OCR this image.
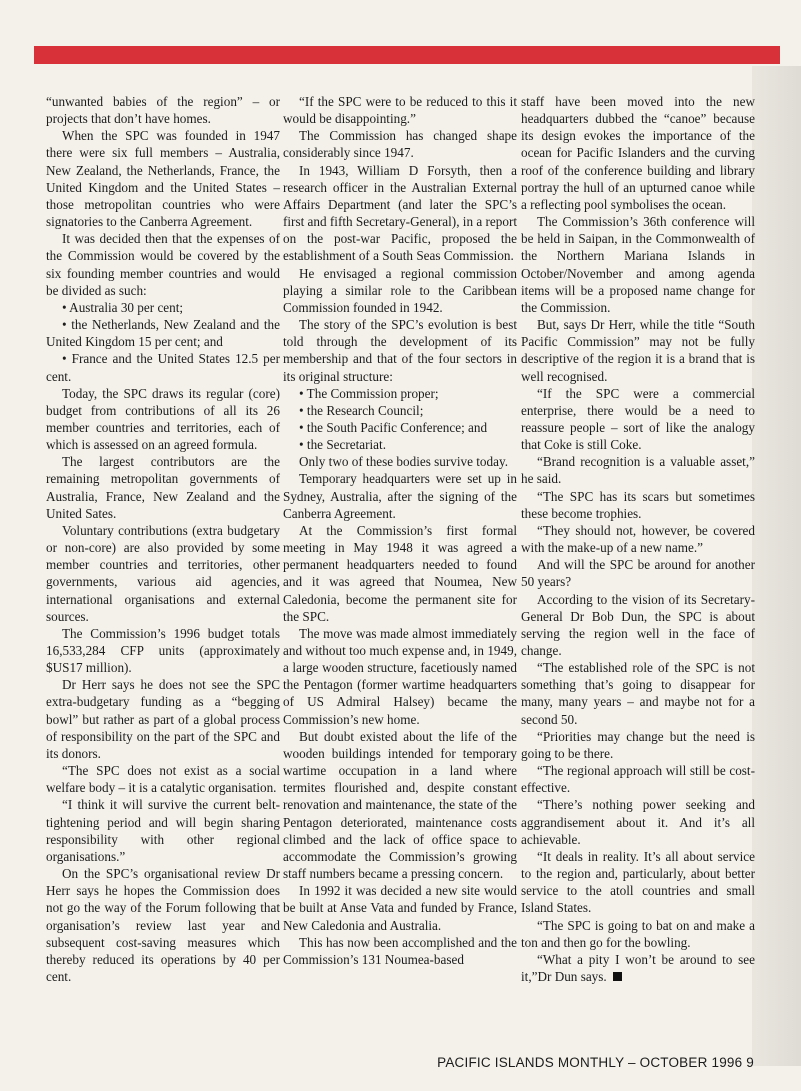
“unwanted babies of the region” – or projects that don’t have homes.

When the SPC was founded in 1947 there were six full members – Australia, New Zealand, the Netherlands, France, the United Kingdom and the United States – those metropolitan countries who were signatories to the Canberra Agreement.

It was decided then that the expenses of the Commission would be covered by the six founding member countries and would be divided as such:

• Australia 30 per cent;

• the Netherlands, New Zealand and the United Kingdom 15 per cent; and

• France and the United States 12.5 per cent.

Today, the SPC draws its regular (core) budget from contributions of all its 26 member countries and territories, each of which is assessed on an agreed formula.

The largest contributors are the remaining metropolitan governments of Australia, France, New Zealand and the United Sates.

Voluntary contributions (extra budgetary or non-core) are also provided by some member countries and territories, other governments, various aid agencies, international organisations and external sources.

The Commission’s 1996 budget totals 16,533,284 CFP units (approximately $US17 million).

Dr Herr says he does not see the SPC extra-budgetary funding as a “begging bowl” but rather as part of a global process of responsibility on the part of the SPC and its donors.

“The SPC does not exist as a social welfare body – it is a catalytic organisation.

“I think it will survive the current belt-tightening period and will begin sharing responsibility with other regional organisations.”

On the SPC’s organisational review Dr Herr says he hopes the Commission does not go the way of the Forum following that organisation’s review last year and subsequent cost-saving measures which thereby reduced its operations by 40 per cent.

“If the SPC were to be reduced to this it would be disappointing.”

The Commission has changed shape considerably since 1947.

In 1943, William D Forsyth, then a research officer in the Australian External Affairs Department (and later the SPC’s first and fifth Secretary-General), in a report on the post-war Pacific, proposed the establishment of a South Seas Commission.

He envisaged a regional commission playing a similar role to the Caribbean Commission founded in 1942.

The story of the SPC’s evolution is best told through the development of its membership and that of the four sectors in its original structure:

• The Commission proper;

• the Research Council;

• the South Pacific Conference; and

• the Secretariat.

Only two of these bodies survive today.

Temporary headquarters were set up in Sydney, Australia, after the signing of the Canberra Agreement.

At the Commission’s first formal meeting in May 1948 it was agreed a permanent headquarters needed to found and it was agreed that Noumea, New Caledonia, become the permanent site for the SPC.

The move was made almost immediately and without too much expense and, in 1949, a large wooden structure, facetiously named the Pentagon (former wartime headquarters of US Admiral Halsey) became the Commission’s new home.

But doubt existed about the life of the wooden buildings intended for temporary wartime occupation in a land where termites flourished and, despite constant renovation and maintenance, the state of the Pentagon deteriorated, maintenance costs climbed and the lack of office space to accommodate the Commission’s growing staff numbers became a pressing concern.

In 1992 it was decided a new site would be built at Anse Vata and funded by France, New Caledonia and Australia.

This has now been accomplished and the Commission’s 131 Noumea-based

staff have been moved into the new headquarters dubbed the “canoe” because its design evokes the importance of the ocean for Pacific Islanders and the curving roof of the conference building and library portray the hull of an upturned canoe while a reflecting pool symbolises the ocean.

The Commission’s 36th conference will be held in Saipan, in the Commonwealth of the Northern Mariana Islands in October/November and among agenda items will be a proposed name change for the Commission.

But, says Dr Herr, while the title “South Pacific Commission” may not be fully descriptive of the region it is a brand that is well recognised.

“If the SPC were a commercial enterprise, there would be a need to reassure people – sort of like the analogy that Coke is still Coke.

“Brand recognition is a valuable asset,” he said.

“The SPC has its scars but sometimes these become trophies.

“They should not, however, be covered with the make-up of a new name.”

And will the SPC be around for another 50 years?

According to the vision of its Secretary-General Dr Bob Dun, the SPC is about serving the region well in the face of change.

“The established role of the SPC is not something that’s going to disappear for many, many years – and maybe not for a second 50.

“Priorities may change but the need is going to be there.

“The regional approach will still be cost-effective.

“There’s nothing power seeking and aggrandisement about it. And it’s all achievable.

“It deals in reality. It’s all about service to the region and, particularly, about better service to the atoll countries and small Island States.

“The SPC is going to bat on and make a ton and then go for the bowling.

“What a pity I won’t be around to see it,”Dr Dun says.

PACIFIC ISLANDS MONTHLY – OCTOBER 1996 9
